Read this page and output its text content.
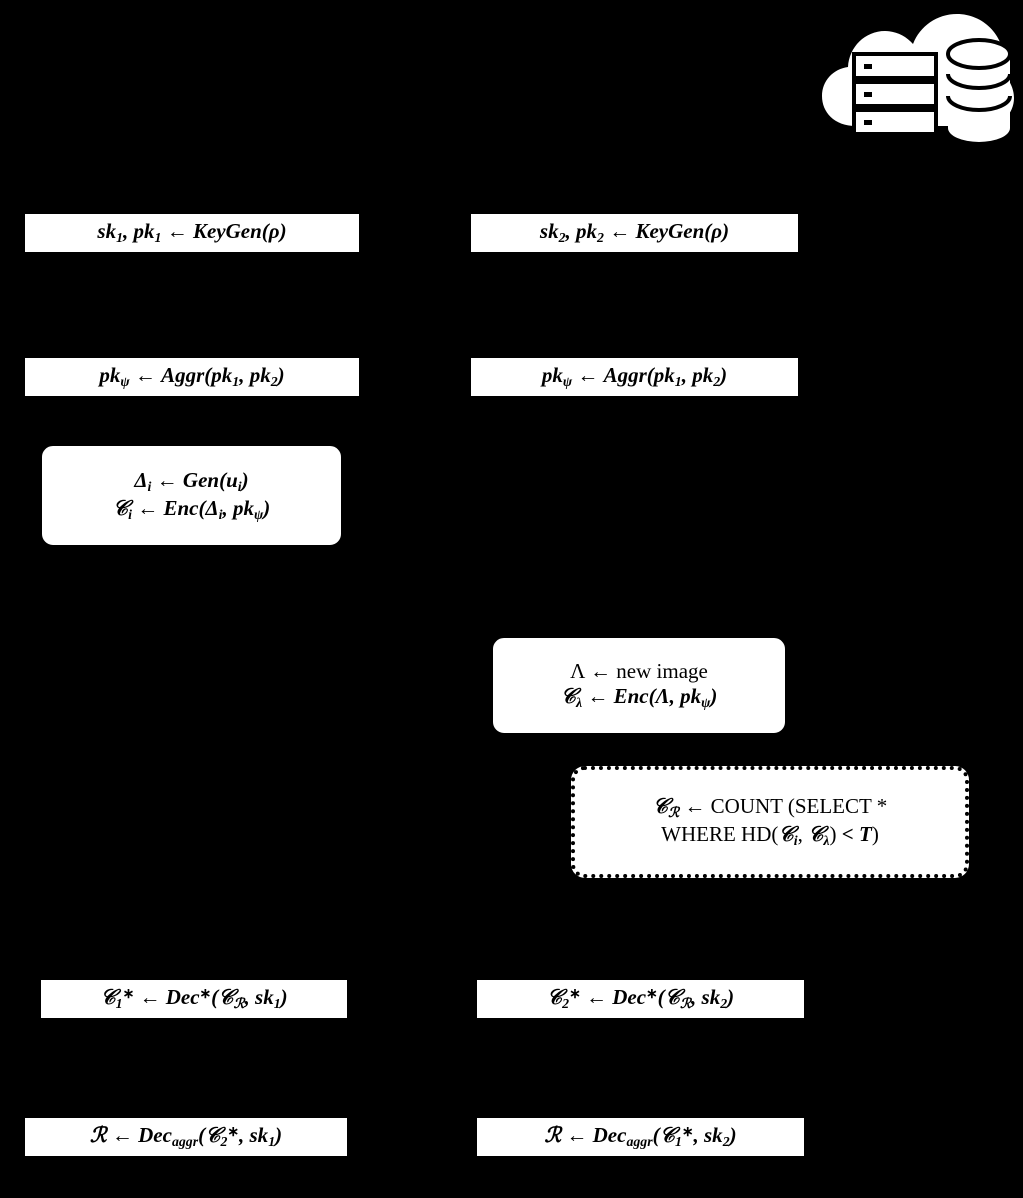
$sk_1$, $pk_1$ ← KeyGen(ρ)	$sk_2$, $pk_2$ ← KeyGen(ρ)
$pk_\psi$ ← $Aggr(pk_1$, $pk_2$)	$pk_\psi$ ← $Aggr(pk_1$, $pk_2$)
$\Delta_i$ ← $Gen(u_i)$
𝒞$_i$ ← $Enc(\Delta_i$, $pk_\psi$)
Λ ← new image
𝒞$_\lambda$ ← Enc(Λ, $pk_\psi$)
𝒞$_ℛ$ ← COUNT (SELECT *
WHERE HD(𝒞$_i$, 𝒞$_\lambda$) < T)
𝒞$_1$∗ ← Dec∗(𝒞$_ℛ$, $sk_1$)	𝒞$_2$∗ ← Dec∗(𝒞$_ℛ$, $sk_2$)
ℛ ← Dec$_{aggr}$(𝒞$_2$∗, $sk_1$)	ℛ ← Dec$_{aggr}$(𝒞$_1$∗, $sk_2$)
